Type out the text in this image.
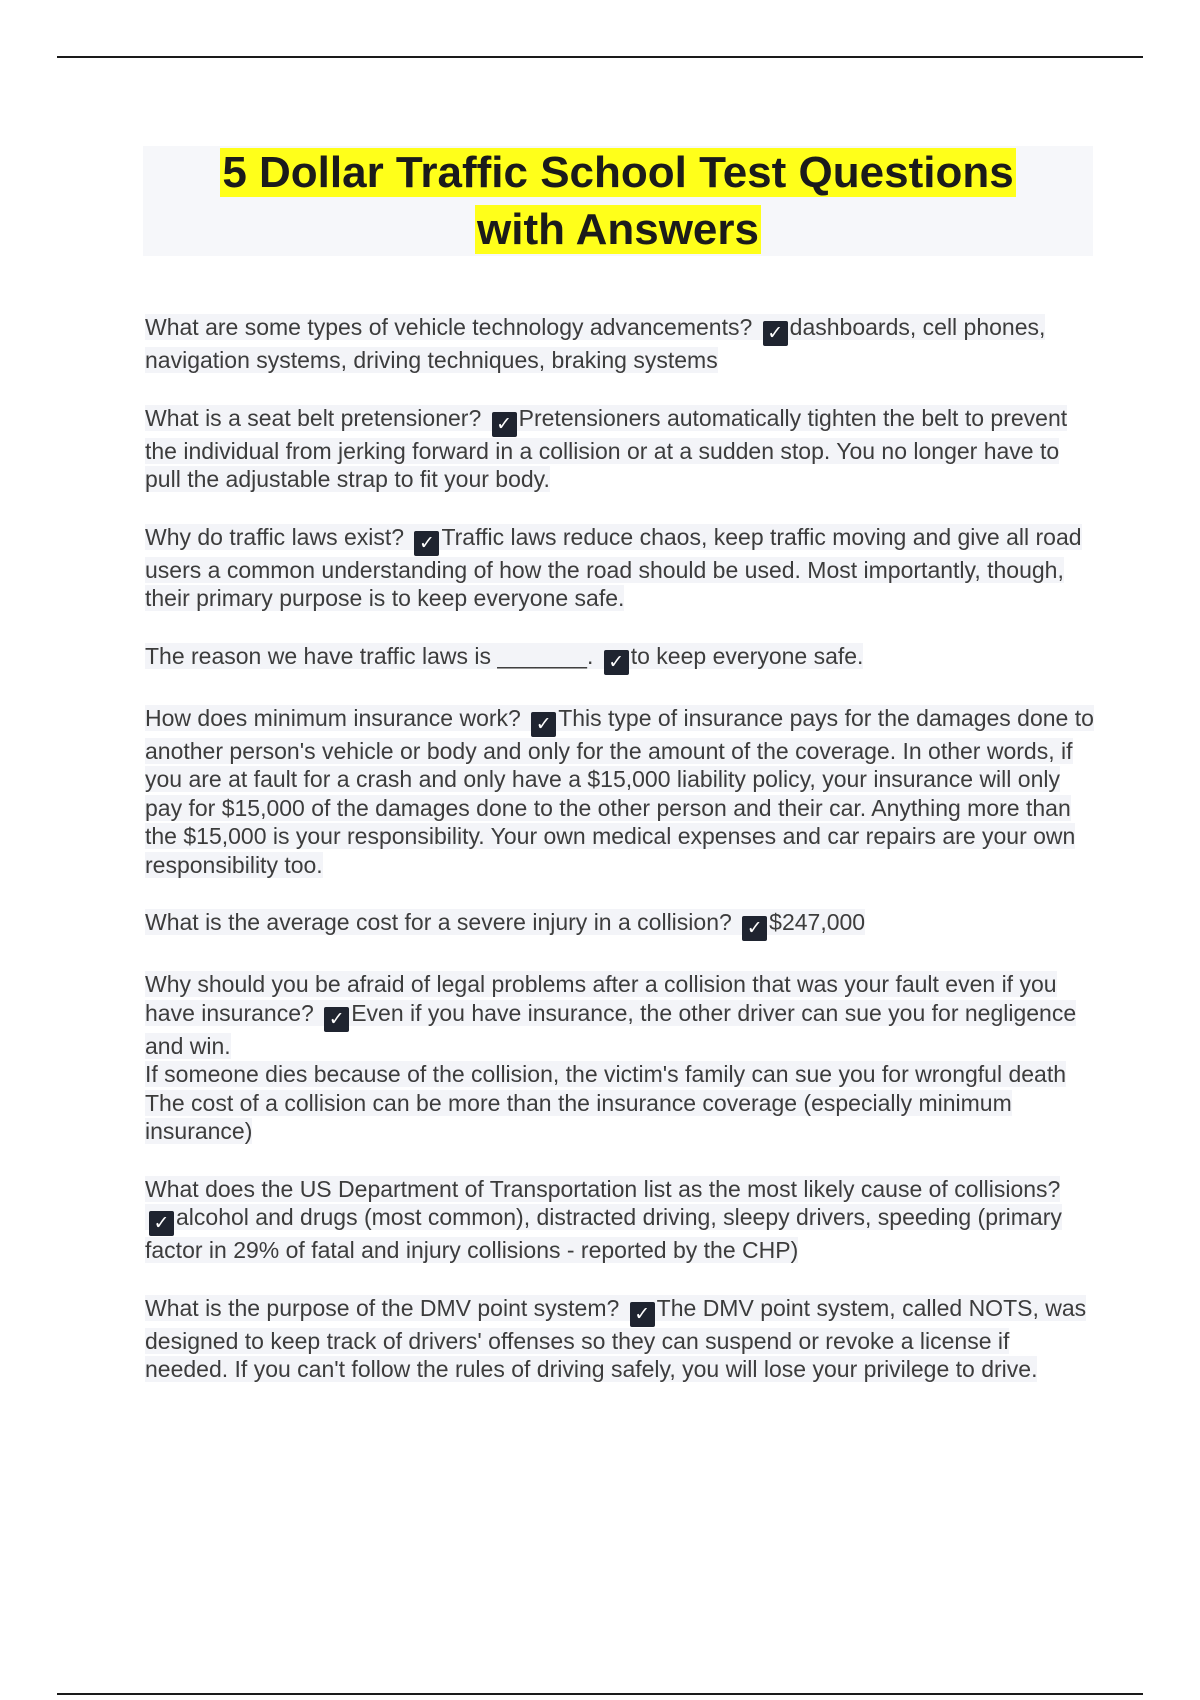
5 Dollar Traffic School Test Questions
with Answers
What are some types of vehicle technology advancements? ✓ dashboards, cell phones, navigation systems, driving techniques, braking systems
What is a seat belt pretensioner? ✓ Pretensioners automatically tighten the belt to prevent the individual from jerking forward in a collision or at a sudden stop. You no longer have to pull the adjustable strap to fit your body.
Why do traffic laws exist? ✓ Traffic laws reduce chaos, keep traffic moving and give all road users a common understanding of how the road should be used. Most importantly, though, their primary purpose is to keep everyone safe.
The reason we have traffic laws is _______. ✓ to keep everyone safe.
How does minimum insurance work? ✓ This type of insurance pays for the damages done to another person's vehicle or body and only for the amount of the coverage. In other words, if you are at fault for a crash and only have a $15,000 liability policy, your insurance will only pay for $15,000 of the damages done to the other person and their car. Anything more than the $15,000 is your responsibility. Your own medical expenses and car repairs are your own responsibility too.
What is the average cost for a severe injury in a collision? ✓ $247,000
Why should you be afraid of legal problems after a collision that was your fault even if you have insurance? ✓ Even if you have insurance, the other driver can sue you for negligence and win.
If someone dies because of the collision, the victim's family can sue you for wrongful death
The cost of a collision can be more than the insurance coverage (especially minimum insurance)
What does the US Department of Transportation list as the most likely cause of collisions? ✓ alcohol and drugs (most common), distracted driving, sleepy drivers, speeding (primary factor in 29% of fatal and injury collisions - reported by the CHP)
What is the purpose of the DMV point system? ✓ The DMV point system, called NOTS, was designed to keep track of drivers' offenses so they can suspend or revoke a license if needed. If you can't follow the rules of driving safely, you will lose your privilege to drive.
